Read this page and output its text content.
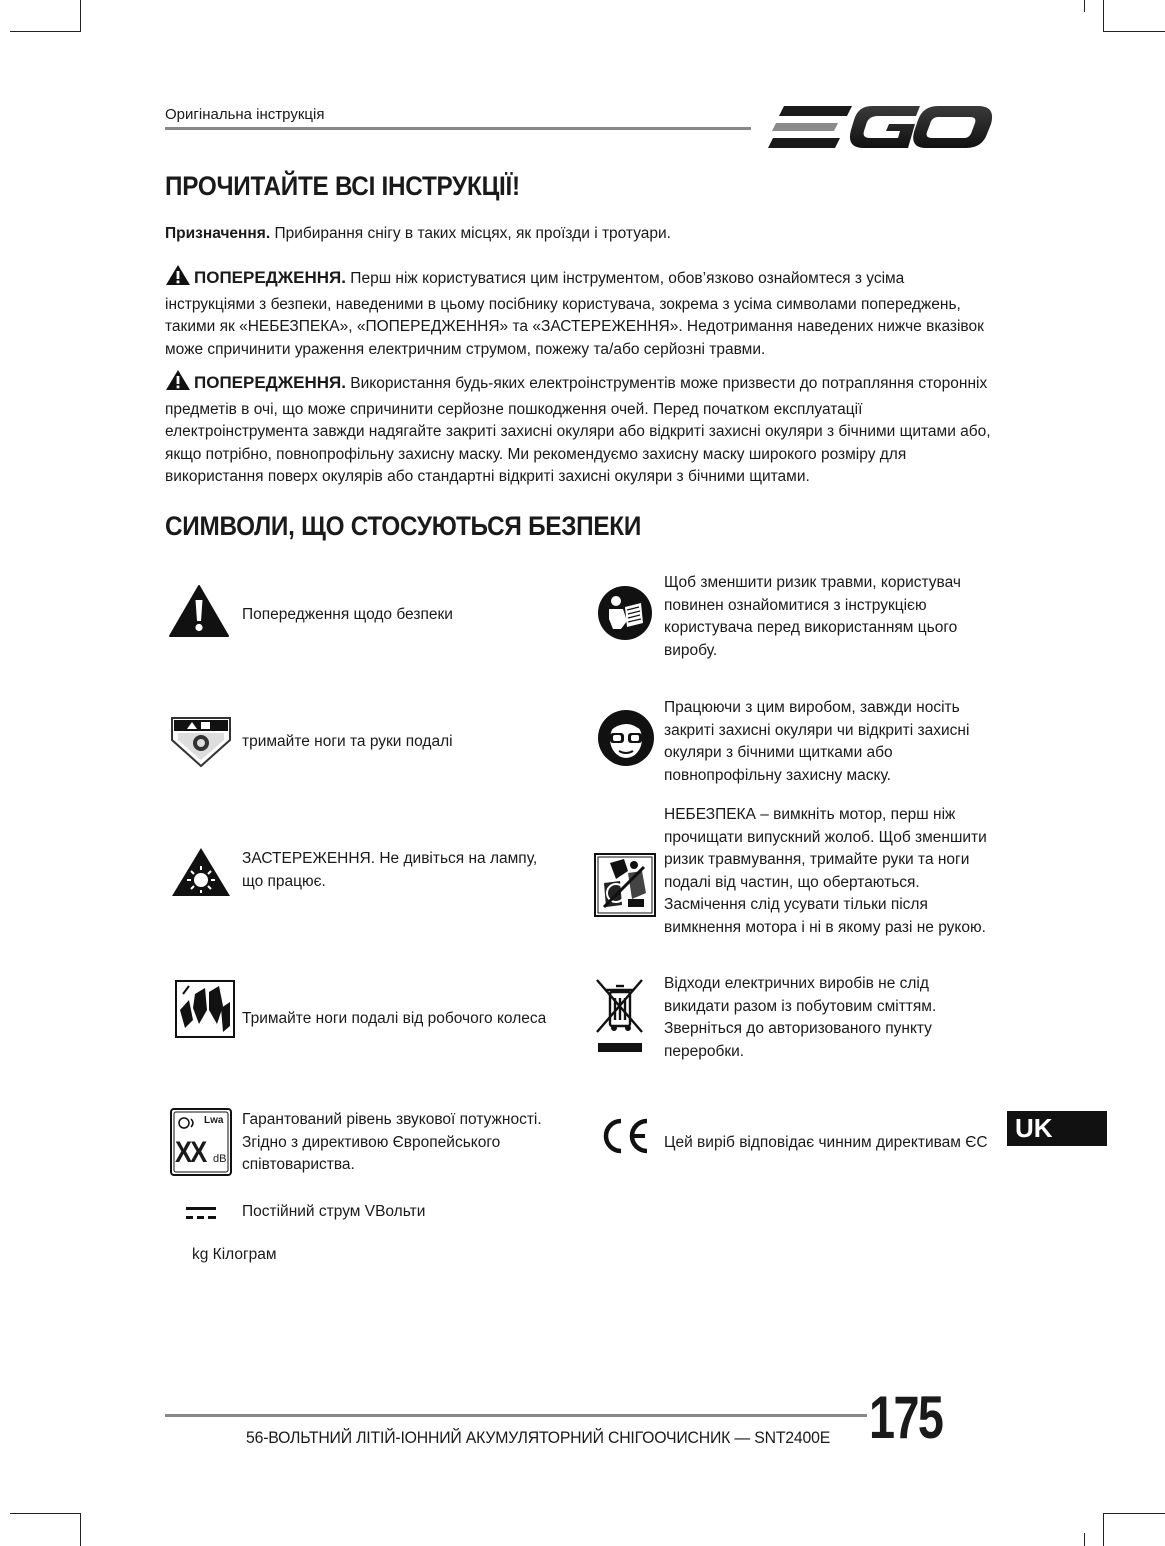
Оригінальна інструкція
ПРОЧИТАЙТЕ ВСІ ІНСТРУКЦІЇ!
Призначення. Прибирання снігу в таких місцях, як проїзди і тротуари.
ПОПЕРЕДЖЕННЯ. Перш ніж користуватися цим інструментом, обов’язково ознайомтеся з усіма інструкціями з безпеки, наведеними в цьому посібнику користувача, зокрема з усіма символами попереджень, такими як «НЕБЕЗПЕКА», «ПОПЕРЕДЖЕННЯ» та «ЗАСТЕРЕЖЕННЯ». Недотримання наведених нижче вказівок може спричинити ураження електричним струмом, пожежу та/або серйозні травми.
ПОПЕРЕДЖЕННЯ. Використання будь-яких електроінструментів може призвести до потрапляння сторонніх предметів в очі, що може спричинити серйозне пошкодження очей. Перед початком експлуатації електроінструмента завжди надягайте закриті захисні окуляри або відкриті захисні окуляри з бічними щитами або, якщо потрібно, повнопрофільну захисну маску. Ми рекомендуємо захисну маску широкого розміру для використання поверх окулярів або стандартні відкриті захисні окуляри з бічними щитами.
СИМВОЛИ, ЩО СТОСУЮТЬСЯ БЕЗПЕКИ
Попередження щодо безпеки
тримайте ноги та руки подалі
ЗАСТЕРЕЖЕННЯ. Не дивіться на лампу, що працює.
Тримайте ноги подалі від робочого колеса
Lwa
XX dB
Гарантований рівень звукової потужності. Згідно з директивою Європейського співтовариства.
Постійний струм VВольти
kg Кілограм
Щоб зменшити ризик травми, користувач повинен ознайомитися з інструкцією користувача перед використанням цього виробу.
Працюючи з цим виробом, завжди носіть закриті захисні окуляри чи відкриті захисні окуляри з бічними щитками або повнопрофільну захисну маску.
НЕБЕЗПЕКА – вимкніть мотор, перш ніж прочищати випускний жолоб. Щоб зменшити ризик травмування, тримайте руки та ноги подалі від частин, що обертаються. Засмічення слід усувати тільки після вимкнення мотора і ні в якому разі не рукою.
Відходи електричних виробів не слід викидати разом із побутовим сміттям. Зверніться до авторизованого пункту переробки.
Цей виріб відповідає чинним директивам ЄС	UK
56-ВОЛЬТНИЙ ЛІТІЙ-ІОННИЙ АКУМУЛЯТОРНИЙ СНІГООЧИСНИК — SNT2400E 175
